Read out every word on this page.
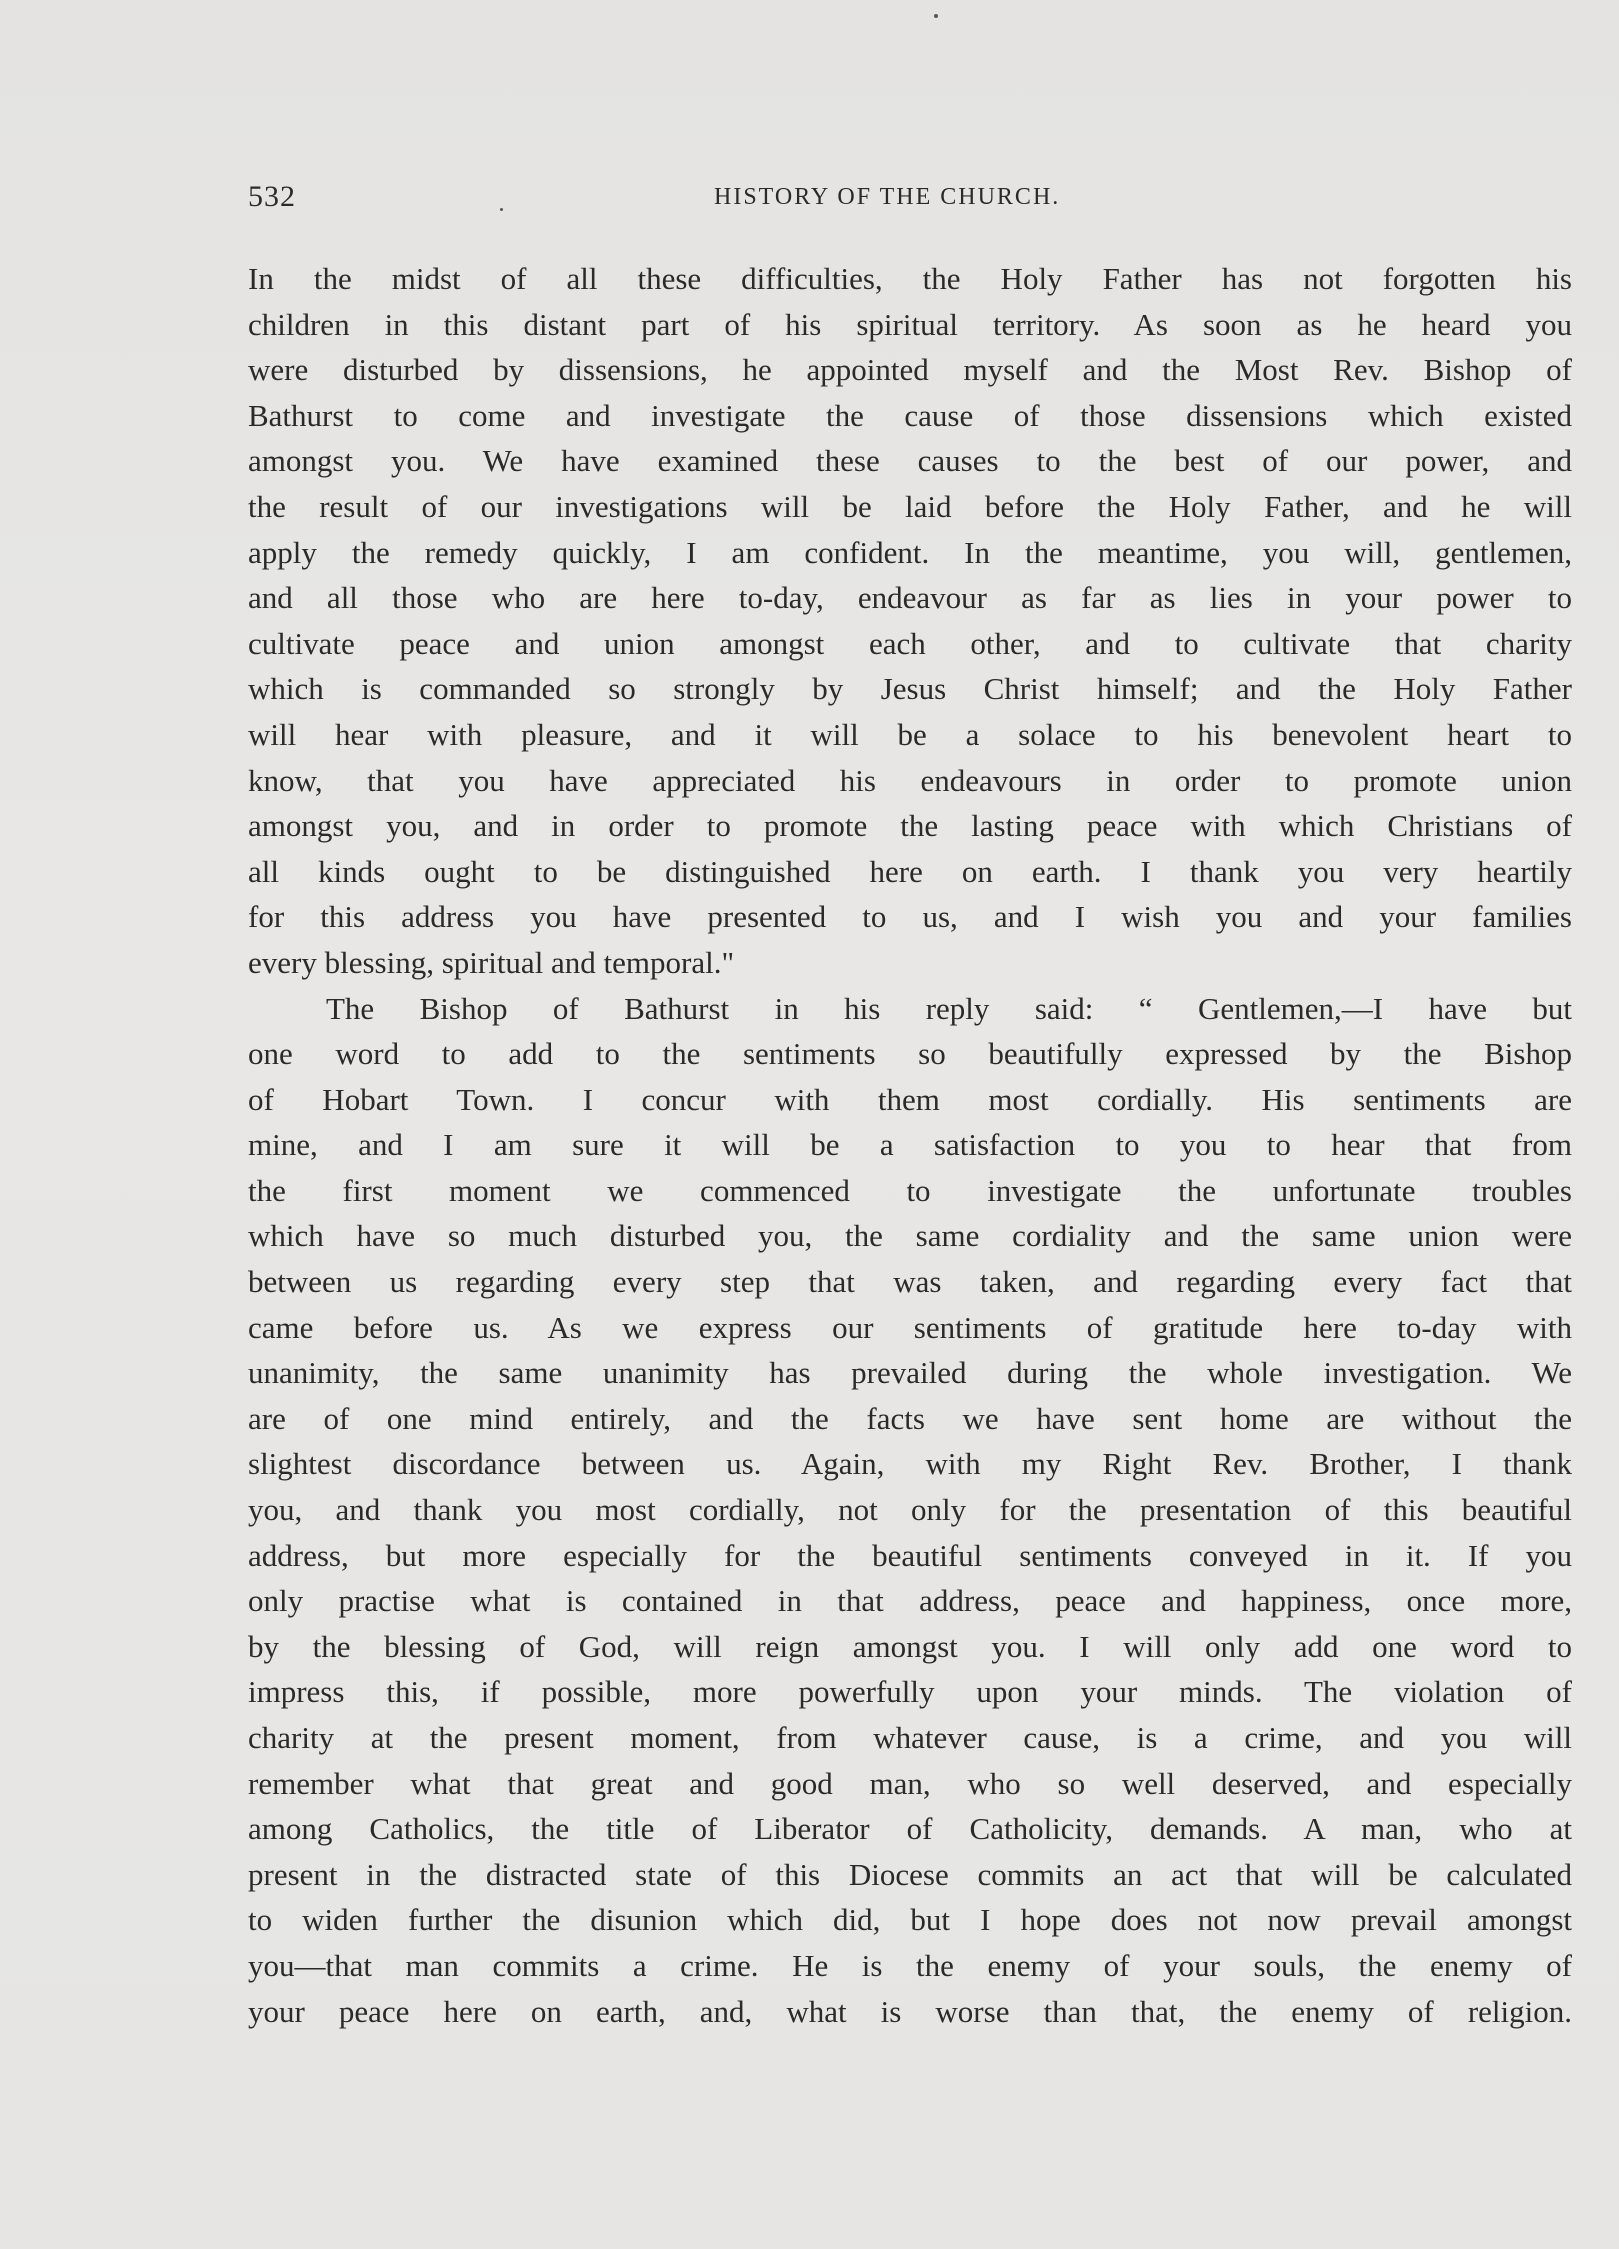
532	HISTORY OF THE CHURCH.
In the midst of all these difficulties, the Holy Father has not forgotten his
children in this distant part of his spiritual territory. As soon as he heard you
were disturbed by dissensions, he appointed myself and the Most Rev. Bishop of
Bathurst to come and investigate the cause of those dissensions which existed
amongst you. We have examined these causes to the best of our power, and
the result of our investigations will be laid before the Holy Father, and he will
apply the remedy quickly, I am confident. In the meantime, you will, gentlemen,
and all those who are here to-day, endeavour as far as lies in your power to
cultivate peace and union amongst each other, and to cultivate that charity
which is commanded so strongly by Jesus Christ himself; and the Holy Father
will hear with pleasure, and it will be a solace to his benevolent heart to
know, that you have appreciated his endeavours in order to promote union
amongst you, and in order to promote the lasting peace with which Christians of
all kinds ought to be distinguished here on earth. I thank you very heartily
for this address you have presented to us, and I wish you and your families
every blessing, spiritual and temporal."
The Bishop of Bathurst in his reply said: “ Gentlemen,—I have but
one word to add to the sentiments so beautifully expressed by the Bishop
of Hobart Town. I concur with them most cordially. His sentiments are
mine, and I am sure it will be a satisfaction to you to hear that from
the first moment we commenced to investigate the unfortunate troubles
which have so much disturbed you, the same cordiality and the same union were
between us regarding every step that was taken, and regarding every fact that
came before us. As we express our sentiments of gratitude here to-day with
unanimity, the same unanimity has prevailed during the whole investigation. We
are of one mind entirely, and the facts we have sent home are without the
slightest discordance between us. Again, with my Right Rev. Brother, I thank
you, and thank you most cordially, not only for the presentation of this beautiful
address, but more especially for the beautiful sentiments conveyed in it. If you
only practise what is contained in that address, peace and happiness, once more,
by the blessing of God, will reign amongst you. I will only add one word to
impress this, if possible, more powerfully upon your minds. The violation of
charity at the present moment, from whatever cause, is a crime, and you will
remember what that great and good man, who so well deserved, and especially
among Catholics, the title of Liberator of Catholicity, demands. A man, who at
present in the distracted state of this Diocese commits an act that will be calculated
to widen further the disunion which did, but I hope does not now prevail amongst
you—that man commits a crime. He is the enemy of your souls, the enemy of
your peace here on earth, and, what is worse than that, the enemy of religion.
